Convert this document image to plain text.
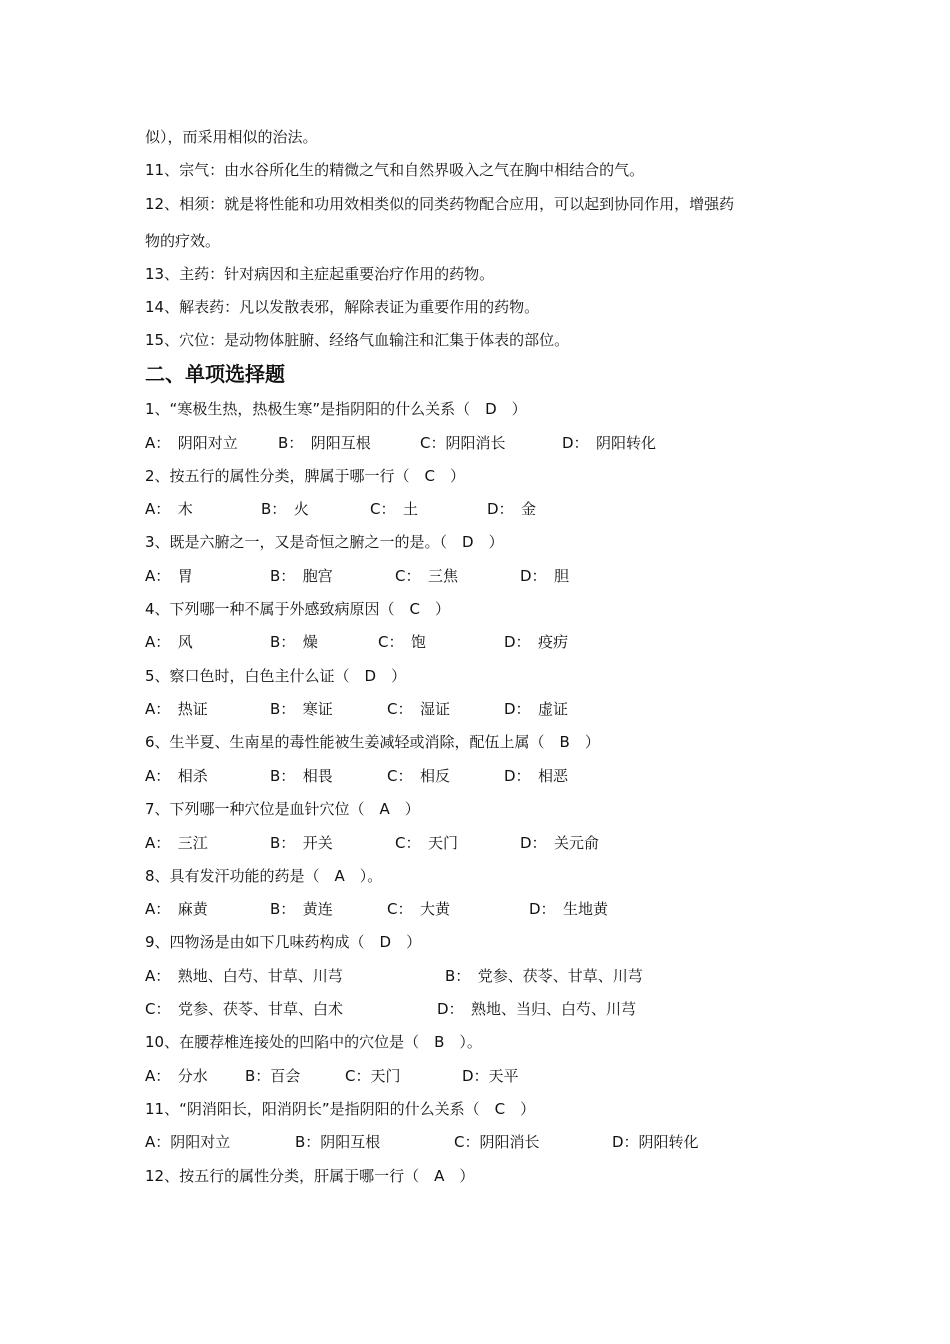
似），而采用相似的治法。
11、宗气：由水谷所化生的精微之气和自然界吸入之气在胸中相结合的气。
12、相须：就是将性能和功用效相类似的同类药物配合应用，可以起到协同作用，增强药
物的疗效。
13、主药：针对病因和主症起重要治疗作用的药物。
14、解表药：凡以发散表邪，解除表证为重要作用的药物。
15、穴位：是动物体脏腑、经络气血输注和汇集于体表的部位。
二、单项选择题
1、“寒极生热，热极生寒”是指阴阳的什么关系（　D　）
A：　阴阳对立	B：　阴阳互根	C：阴阳消长	D：　阴阳转化
2、按五行的属性分类，脾属于哪一行（　C　）
A：　木	B：　火	C：　土	D：　金
3、既是六腑之一，又是奇恒之腑之一的是。（　D　）
A：　胃	B：　胞宫	C：　三焦	D：　胆
4、下列哪一种不属于外感致病原因（　C　）
A：　风	B：　燥	C：　饱	D：　疫疠
5、察口色时，白色主什么证（　D　）
A：　热证	B：　寒证	C：　湿证	D：　虚证
6、生半夏、生南星的毒性能被生姜减轻或消除，配伍上属（　B　）
A：　相杀	B：　相畏	C：　相反	D：　相恶
7、下列哪一种穴位是血针穴位（　A　）
A：　三江	B：　开关	C：　天门	D：　关元俞
8、具有发汗功能的药是（　A　）。
A：　麻黄	B：　黄连	C：　大黄	D：　生地黄
9、四物汤是由如下几味药构成（　D　）
A：　熟地、白芍、甘草、川芎	B：　党参、茯苓、甘草、川芎
C：　党参、茯苓、甘草、白术	D：　熟地、当归、白芍、川芎
10、在腰荐椎连接处的凹陷中的穴位是（　B　）。
A：　分水 B：百会	C：天门	D：天平
11、“阴消阳长，阳消阴长”是指阴阳的什么关系（　C　）
A：阴阳对立	B：阴阳互根	C：阴阳消长	D：阴阳转化
12、按五行的属性分类，肝属于哪一行（　A　）
